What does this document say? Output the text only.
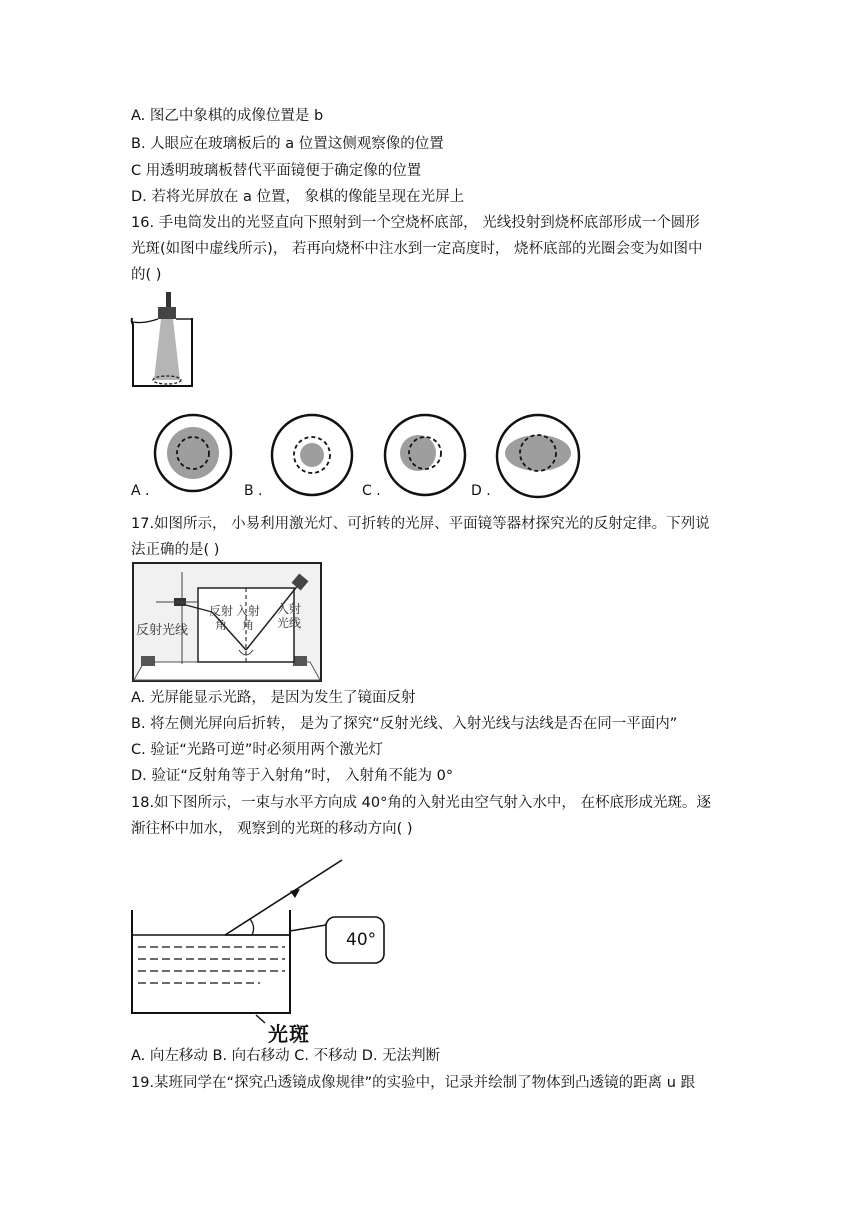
A. 图乙中象棋的成像位置是 b
B. 人眼应在玻璃板后的 a 位置这侧观察像的位置
C 用透明玻璃板替代平面镜便于确定像的位置
D. 若将光屏放在 a 位置， 象棋的像能呈现在光屏上
16. 手电筒发出的光竖直向下照射到一个空烧杯底部， 光线投射到烧杯底部形成一个圆形
光斑(如图中虚线所示)， 若再向烧杯中注水到一定高度时， 烧杯底部的光圈会变为如图中
的( )
A .	B .	C .	D .
17.如图所示， 小易利用激光灯、可折转的光屏、平面镜等器材探究光的反射定律。下列说
法正确的是( )
反射光线
反射角
入射角
入射光线
A. 光屏能显示光路， 是因为发生了镜面反射
B. 将左侧光屏向后折转， 是为了探究“反射光线、入射光线与法线是否在同一平面内”
C. 验证“光路可逆”时必须用两个激光灯
D. 验证“反射角等于入射角”时， 入射角不能为 0°
18.如下图所示，一束与水平方向成 40°角的入射光由空气射入水中， 在杯底形成光斑。逐
渐往杯中加水， 观察到的光斑的移动方向( )
40°
光斑
A. 向左移动 B. 向右移动 C. 不移动 D. 无法判断
19.某班同学在“探究凸透镜成像规律”的实验中，记录并绘制了物体到凸透镜的距离 u 跟
